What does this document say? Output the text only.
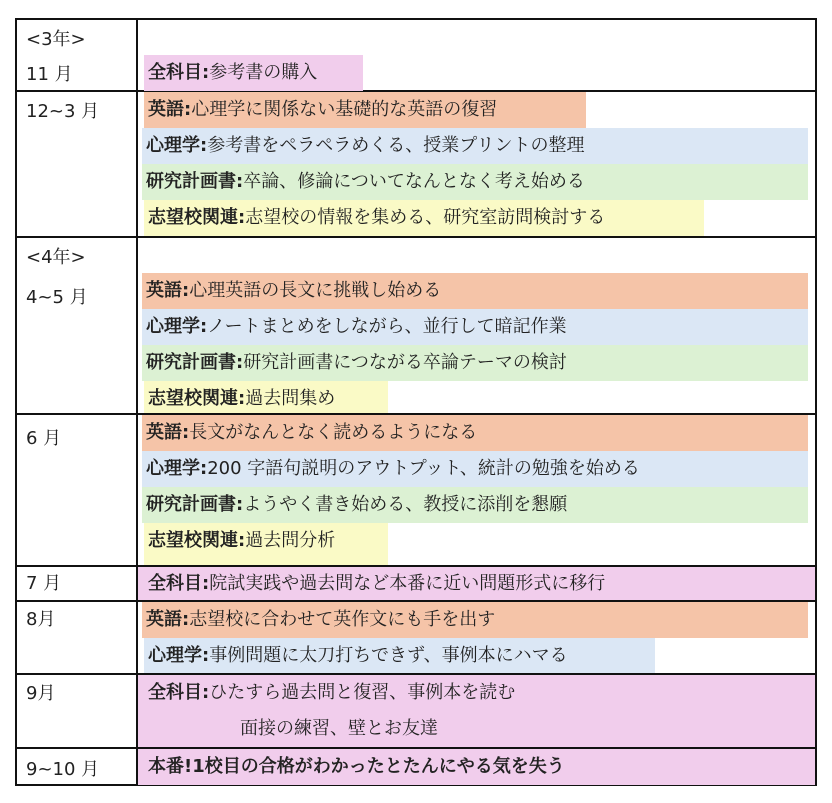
<3年>
11 月	全科目:参考書の購入
12~3 月	英語:心理学に関係ない基礎的な英語の復習
心理学:参考書をペラペラめくる、授業プリントの整理
研究計画書:卒論、修論についてなんとなく考え始める
志望校関連:志望校の情報を集める、研究室訪問検討する
<4年>
4~5 月	英語:心理英語の長文に挑戦し始める
心理学:ノートまとめをしながら、並行して暗記作業
研究計画書:研究計画書につながる卒論テーマの検討
志望校関連:過去問集め
6 月	英語:長文がなんとなく読めるようになる
心理学:200 字語句説明のアウトプット、統計の勉強を始める
研究計画書:ようやく書き始める、教授に添削を懇願
志望校関連:過去問分析
7 月	全科目:院試実践や過去問など本番に近い問題形式に移行
8月	英語:志望校に合わせて英作文にも手を出す
心理学:事例問題に太刀打ちできず、事例本にハマる
9月	全科目:ひたすら過去問と復習、事例本を読む
面接の練習、壁とお友達
9~10 月	本番!1校目の合格がわかったとたんにやる気を失う
